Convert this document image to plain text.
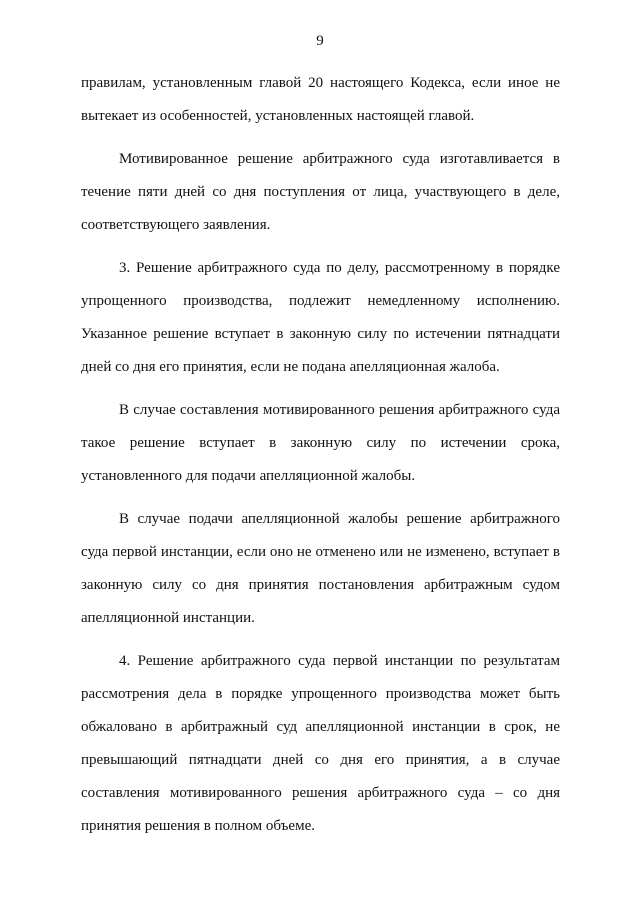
9

правилам, установленным главой 20 настоящего Кодекса, если иное не вытекает из особенностей, установленных настоящей главой.

Мотивированное решение арбитражного суда изготавливается в течение пяти дней со дня поступления от лица, участвующего в деле, соответствующего заявления.

3. Решение арбитражного суда по делу, рассмотренному в порядке упрощенного производства, подлежит немедленному исполнению. Указанное решение вступает в законную силу по истечении пятнадцати дней со дня его принятия, если не подана апелляционная жалоба.

В случае составления мотивированного решения арбитражного суда такое решение вступает в законную силу по истечении срока, установленного для подачи апелляционной жалобы.

В случае подачи апелляционной жалобы решение арбитражного суда первой инстанции, если оно не отменено или не изменено, вступает в законную силу со дня принятия постановления арбитражным судом апелляционной инстанции.

4. Решение арбитражного суда первой инстанции по результатам рассмотрения дела в порядке упрощенного производства может быть обжаловано в арбитражный суд апелляционной инстанции в срок, не превышающий пятнадцати дней со дня его принятия, а в случае составления мотивированного решения арбитражного суда – со дня принятия решения в полном объеме.
